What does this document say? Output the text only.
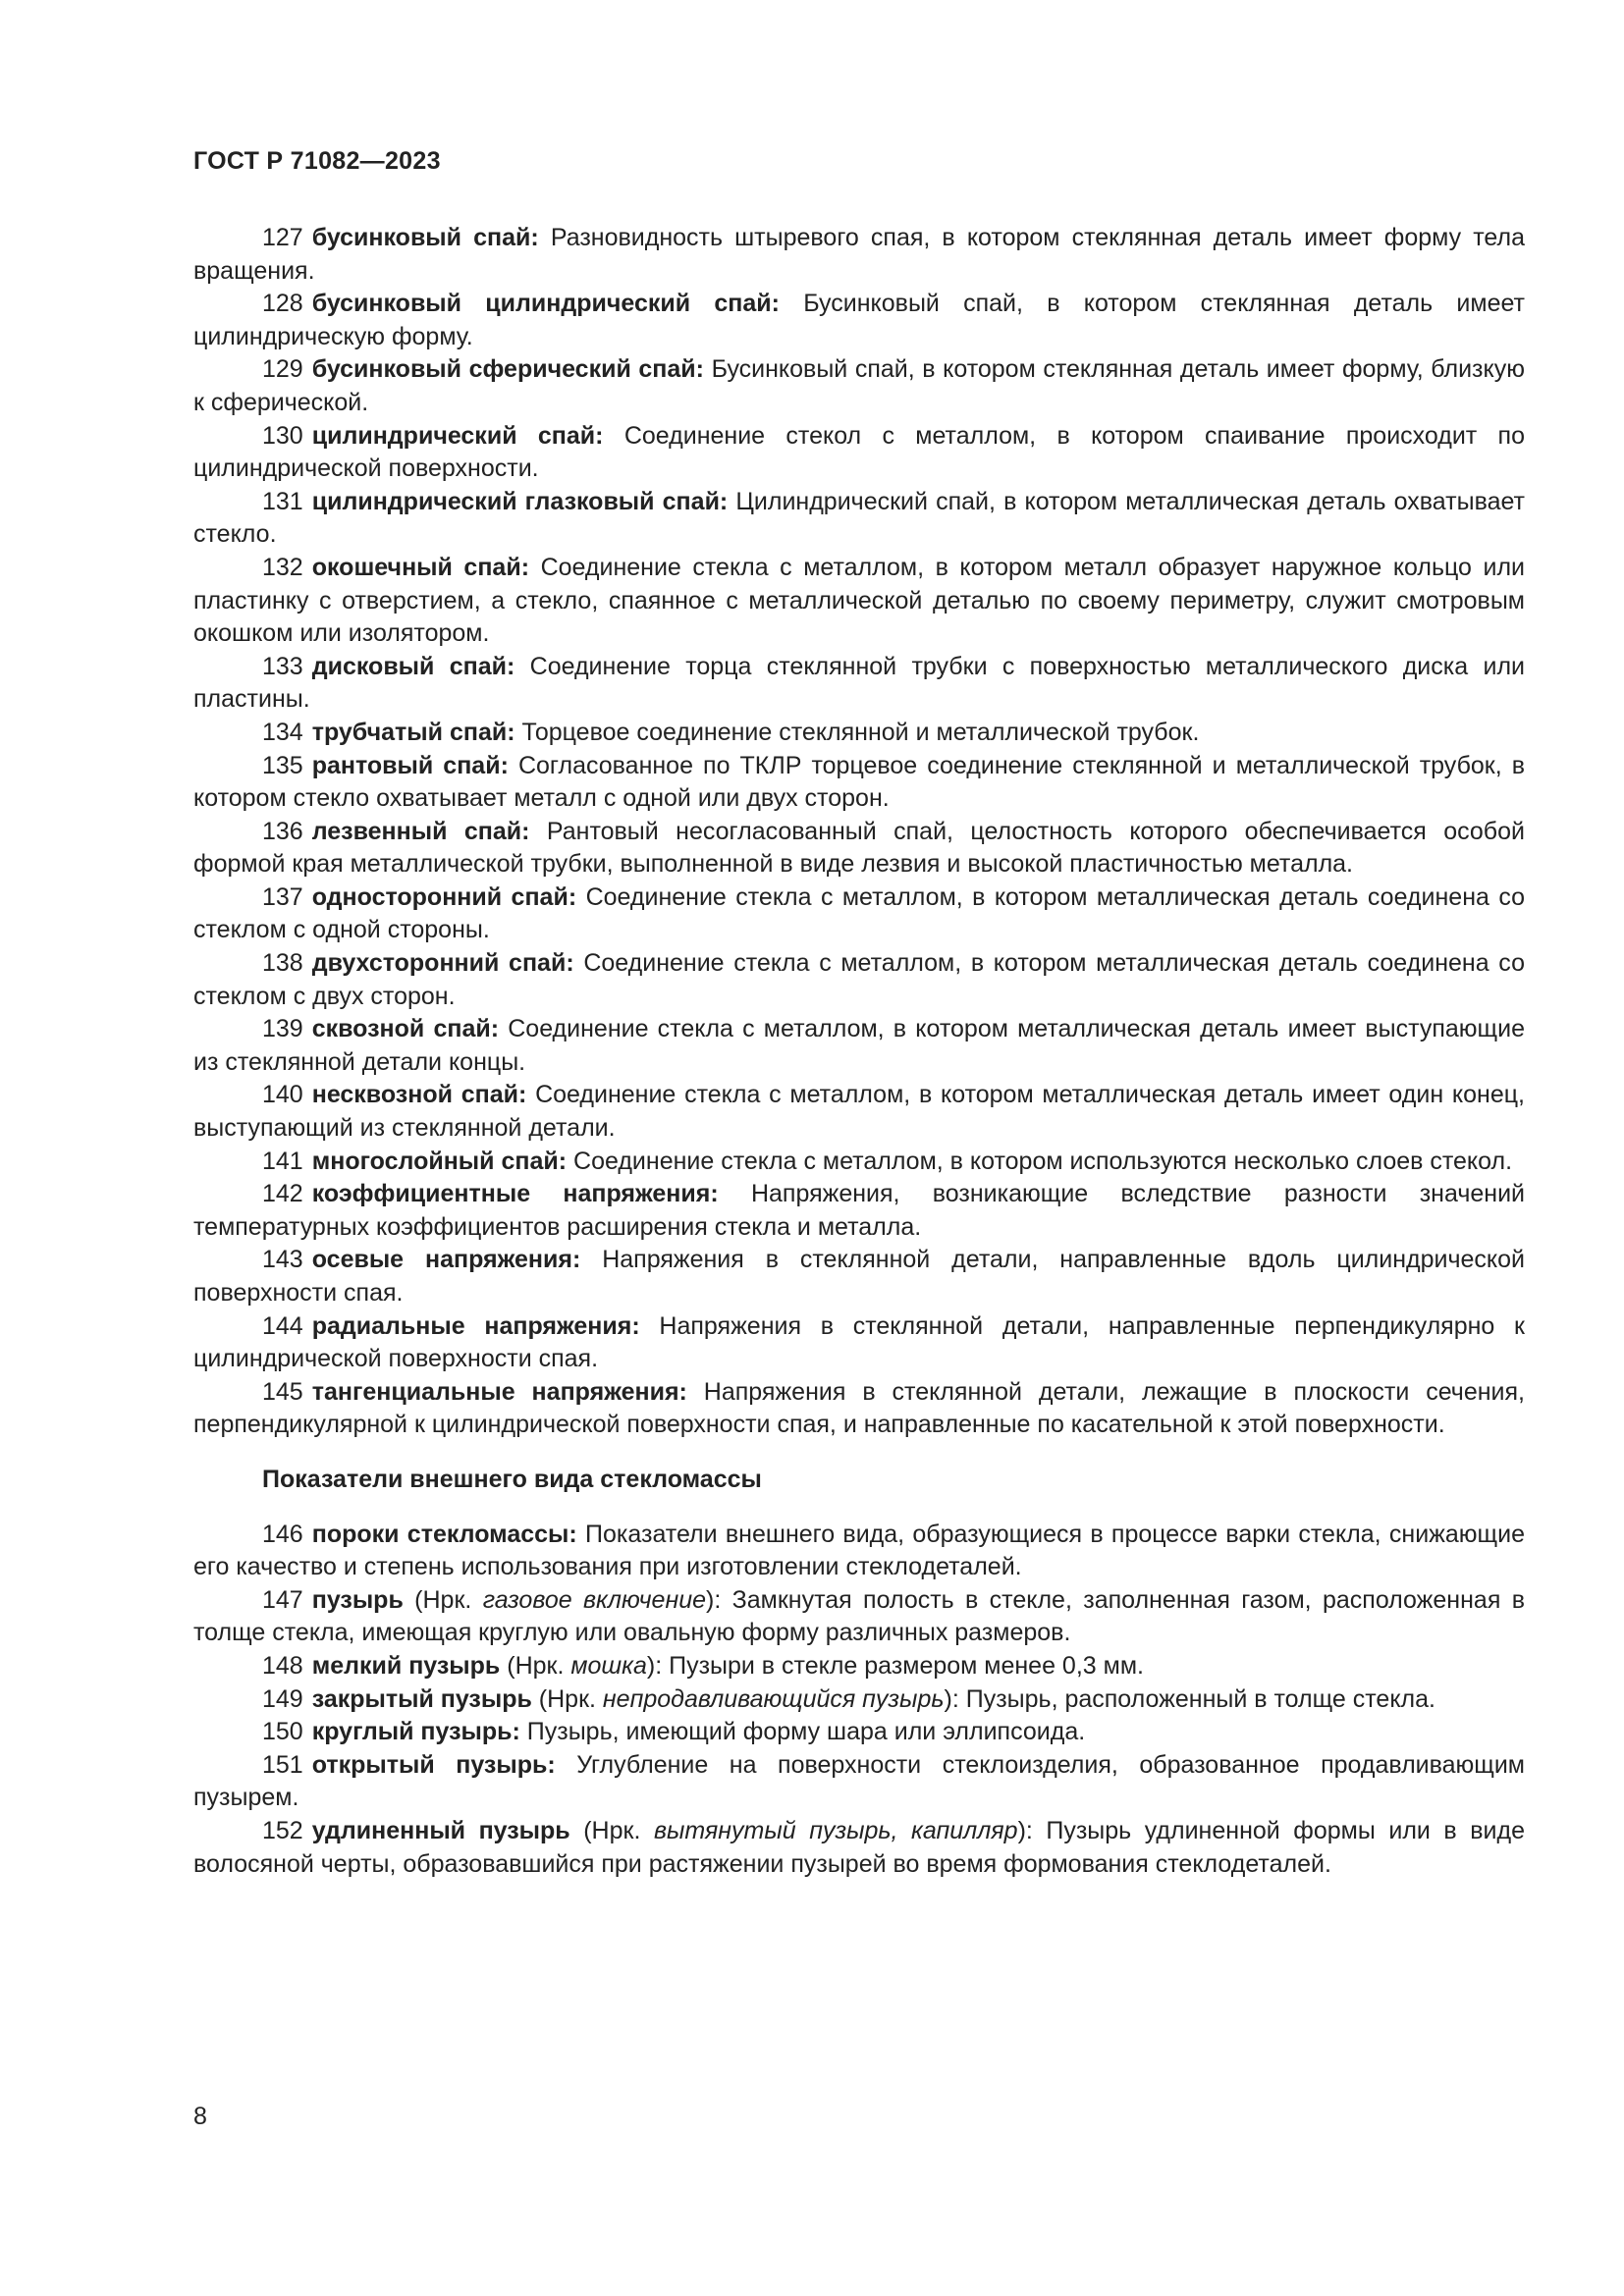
ГОСТ Р 71082—2023

127 бусинковый спай: Разновидность штыревого спая, в котором стеклянная деталь имеет форму тела вращения.

128 бусинковый цилиндрический спай: Бусинковый спай, в котором стеклянная деталь имеет цилиндрическую форму.

129 бусинковый сферический спай: Бусинковый спай, в котором стеклянная деталь имеет форму, близкую к сферической.

130 цилиндрический спай: Соединение стекол с металлом, в котором спаивание происходит по цилиндрической поверхности.

131 цилиндрический глазковый спай: Цилиндрический спай, в котором металлическая деталь охватывает стекло.

132 окошечный спай: Соединение стекла с металлом, в котором металл образует наружное кольцо или пластинку с отверстием, а стекло, спаянное с металлической деталью по своему периметру, служит смотровым окошком или изолятором.

133 дисковый спай: Соединение торца стеклянной трубки с поверхностью металлического диска или пластины.

134 трубчатый спай: Торцевое соединение стеклянной и металлической трубок.

135 рантовый спай: Согласованное по ТКЛР торцевое соединение стеклянной и металлической трубок, в котором стекло охватывает металл с одной или двух сторон.

136 лезвенный спай: Рантовый несогласованный спай, целостность которого обеспечивается особой формой края металлической трубки, выполненной в виде лезвия и высокой пластичностью металла.

137 односторонний спай: Соединение стекла с металлом, в котором металлическая деталь соединена со стеклом с одной стороны.

138 двухсторонний спай: Соединение стекла с металлом, в котором металлическая деталь соединена со стеклом с двух сторон.

139 сквозной спай: Соединение стекла с металлом, в котором металлическая деталь имеет выступающие из стеклянной детали концы.

140 несквозной спай: Соединение стекла с металлом, в котором металлическая деталь имеет один конец, выступающий из стеклянной детали.

141 многослойный спай: Соединение стекла с металлом, в котором используются несколько слоев стекол.

142 коэффициентные напряжения: Напряжения, возникающие вследствие разности значений температурных коэффициентов расширения стекла и металла.

143 осевые напряжения: Напряжения в стеклянной детали, направленные вдоль цилиндрической поверхности спая.

144 радиальные напряжения: Напряжения в стеклянной детали, направленные перпендикулярно к цилиндрической поверхности спая.

145 тангенциальные напряжения: Напряжения в стеклянной детали, лежащие в плоскости сечения, перпендикулярной к цилиндрической поверхности спая, и направленные по касательной к этой поверхности.

Показатели внешнего вида стекломассы

146 пороки стекломассы: Показатели внешнего вида, образующиеся в процессе варки стекла, снижающие его качество и степень использования при изготовлении стеклодеталей.

147 пузырь (Нрк. газовое включение): Замкнутая полость в стекле, заполненная газом, расположенная в толще стекла, имеющая круглую или овальную форму различных размеров.

148 мелкий пузырь (Нрк. мошка): Пузыри в стекле размером менее 0,3 мм.

149 закрытый пузырь (Нрк. непродавливающийся пузырь): Пузырь, расположенный в толще стекла.

150 круглый пузырь: Пузырь, имеющий форму шара или эллипсоида.

151 открытый пузырь: Углубление на поверхности стеклоизделия, образованное продавливающим пузырем.

152 удлиненный пузырь (Нрк. вытянутый пузырь, капилляр): Пузырь удлиненной формы или в виде волосяной черты, образовавшийся при растяжении пузырей во время формования стеклодеталей.

8
